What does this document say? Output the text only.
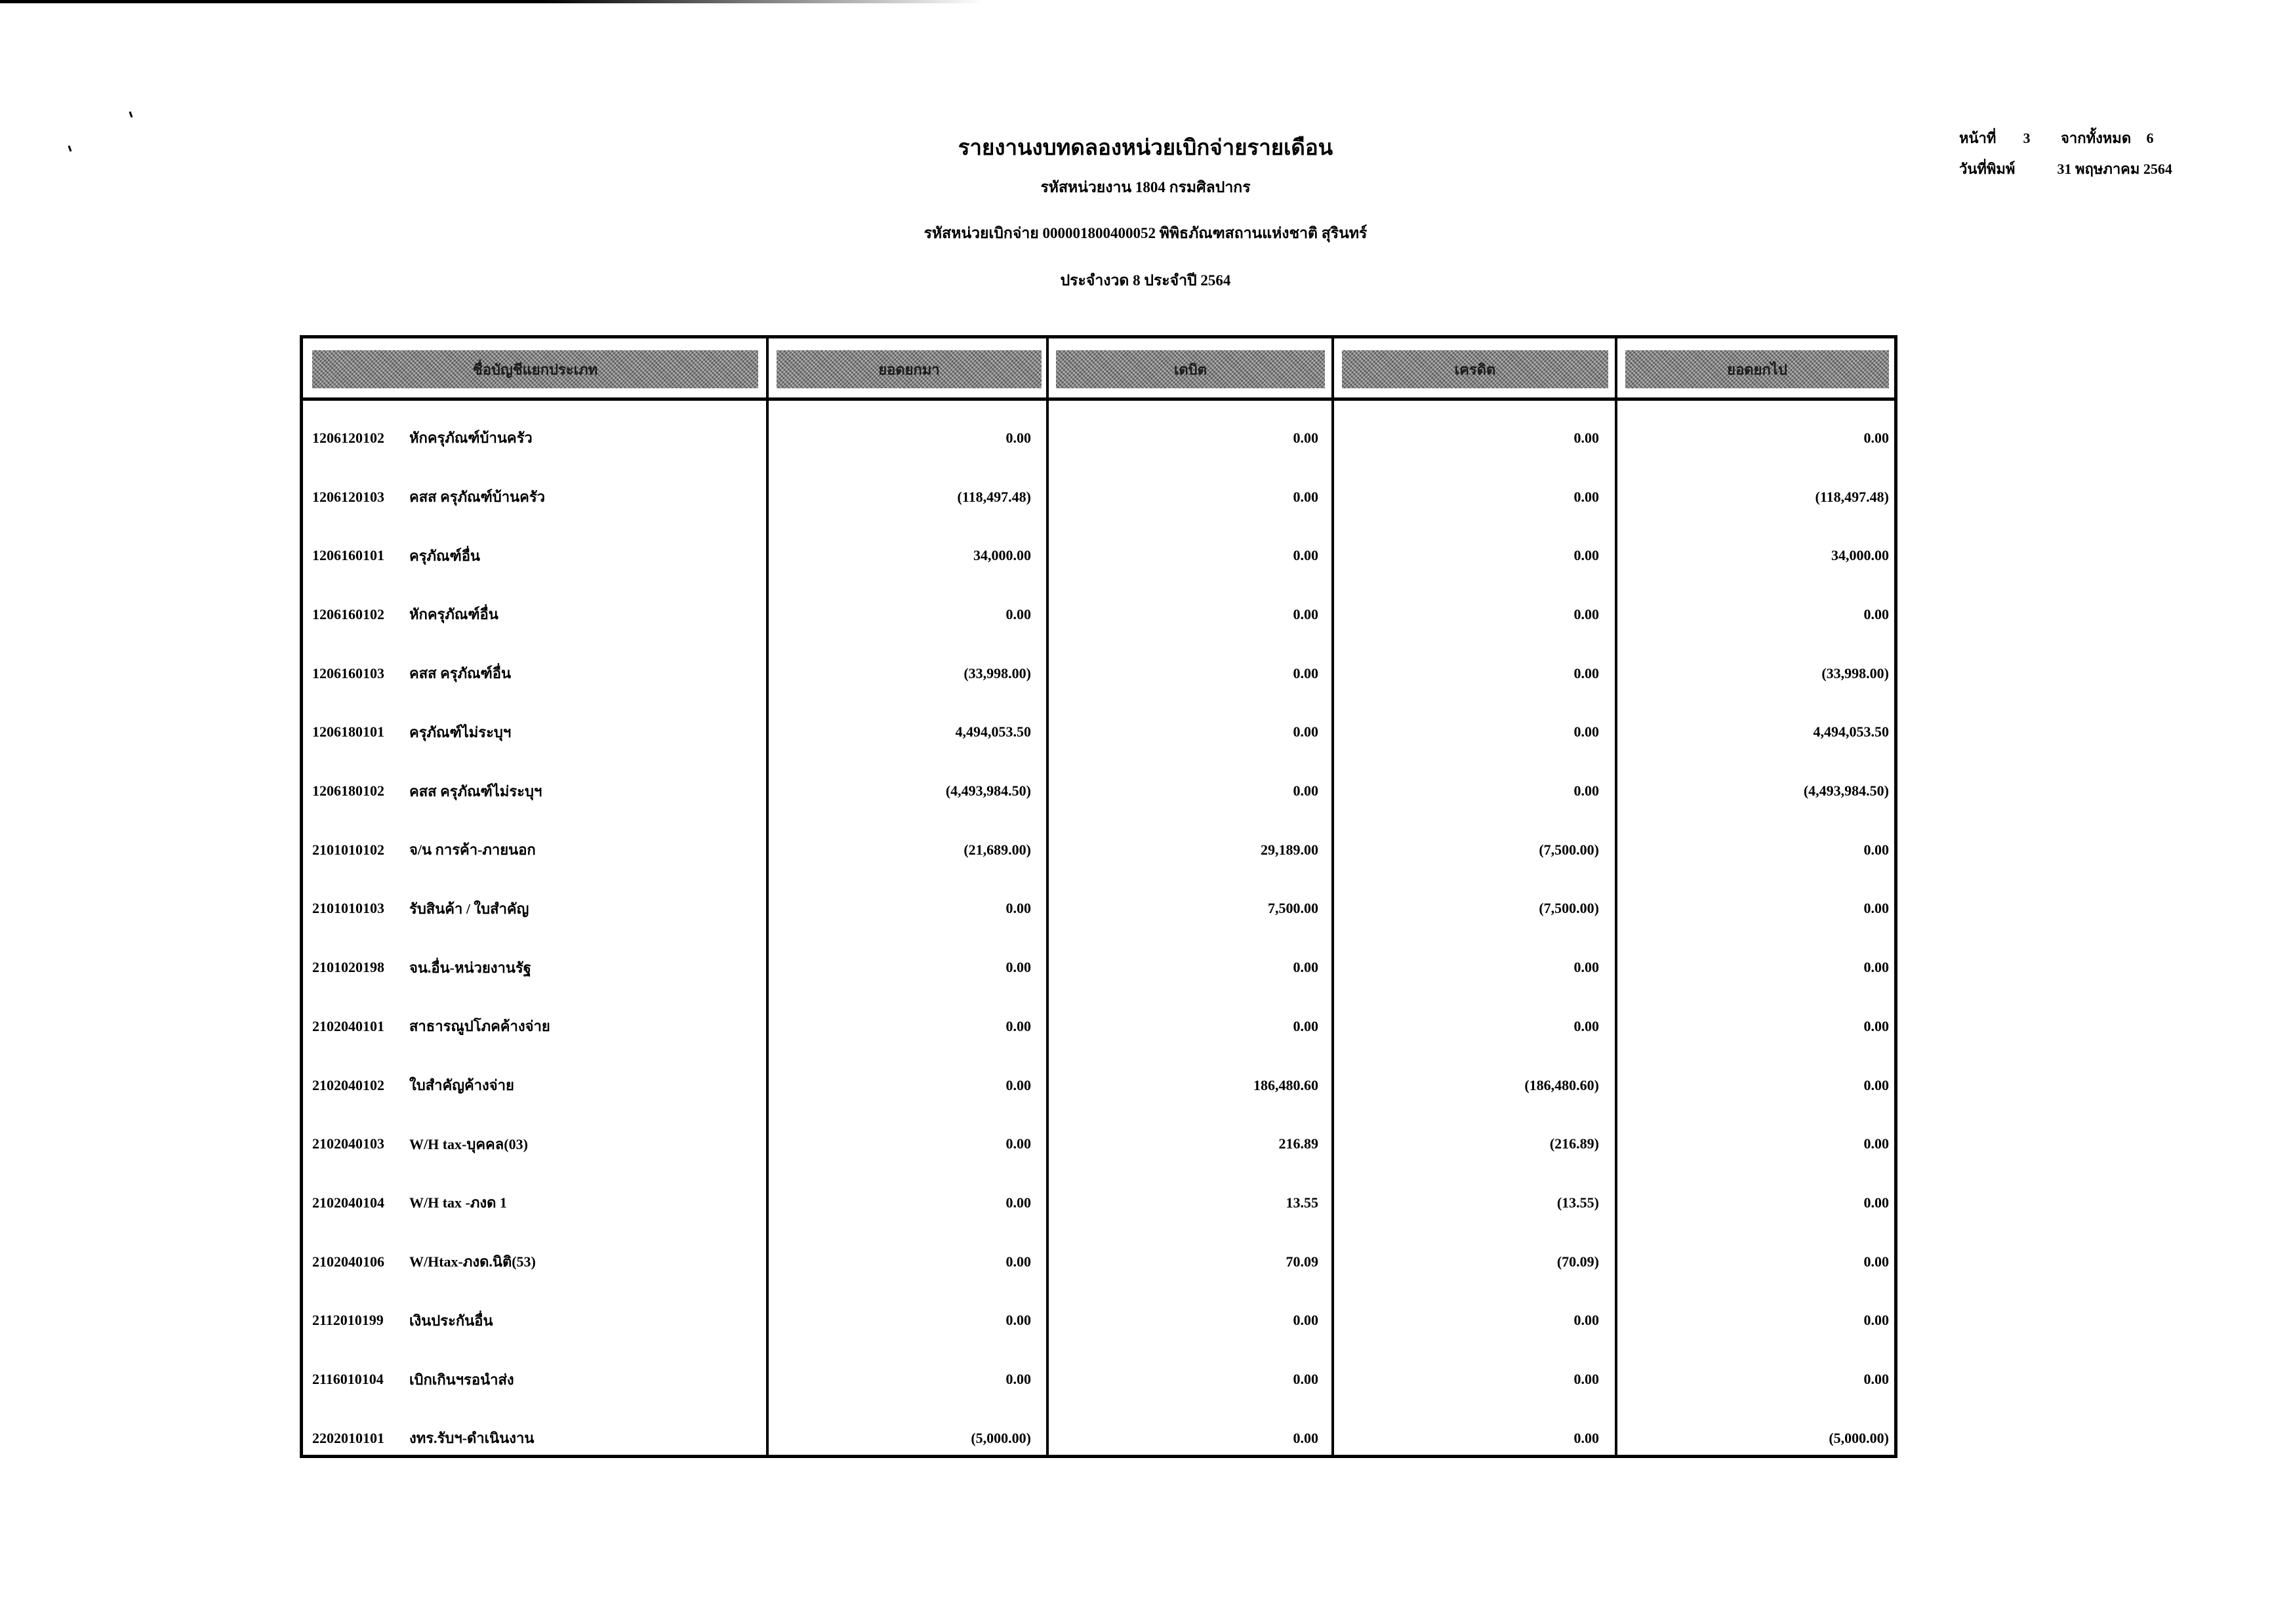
รายงานงบทดลองหน่วยเบิกจ่ายรายเดือน
รหัสหน่วยงาน 1804 กรมศิลปากร
รหัสหน่วยเบิกจ่าย 000001800400052 พิพิธภัณฑสถานแห่งชาติ สุรินทร์
ประจำงวด 8 ประจำปี 2564
หน้าที่ 3 จากทั้งหมด 6
วันที่พิมพ์	31 พฤษภาคม 2564
ชื่อบัญชีแยกประเภท	ยอดยกมา	เดบิต	เครดิต	ยอดยกไป
1206120102	หักครุภัณฑ์บ้านครัว	0.00	0.00	0.00	0.00
1206120103	คสส ครุภัณฑ์บ้านครัว	(118,497.48)	0.00	0.00	(118,497.48)
1206160101	ครุภัณฑ์อื่น	34,000.00	0.00	0.00	34,000.00
1206160102	หักครุภัณฑ์อื่น	0.00	0.00	0.00	0.00
1206160103	คสส ครุภัณฑ์อื่น	(33,998.00)	0.00	0.00	(33,998.00)
1206180101	ครุภัณฑ์ไม่ระบุฯ	4,494,053.50	0.00	0.00	4,494,053.50
1206180102	คสส ครุภัณฑ์ไม่ระบุฯ	(4,493,984.50)	0.00	0.00	(4,493,984.50)
2101010102	จ/น การค้า-ภายนอก	(21,689.00)	29,189.00	(7,500.00)	0.00
2101010103	รับสินค้า / ใบสำคัญ	0.00	7,500.00	(7,500.00)	0.00
2101020198	จน.อื่น-หน่วยงานรัฐ	0.00	0.00	0.00	0.00
2102040101	สาธารณูปโภคค้างจ่าย	0.00	0.00	0.00	0.00
2102040102	ใบสำคัญค้างจ่าย	0.00	186,480.60	(186,480.60)	0.00
2102040103	W/H tax-บุคคล(03)	0.00	216.89	(216.89)	0.00
2102040104	W/H tax -ภงด 1	0.00	13.55	(13.55)	0.00
2102040106	W/Htax-ภงด.นิติ(53)	0.00	70.09	(70.09)	0.00
2112010199	เงินประกันอื่น	0.00	0.00	0.00	0.00
2116010104	เบิกเกินฯรอนำส่ง	0.00	0.00	0.00	0.00
2202010101	งทร.รับฯ-ดำเนินงาน	(5,000.00)	0.00	0.00	(5,000.00)
